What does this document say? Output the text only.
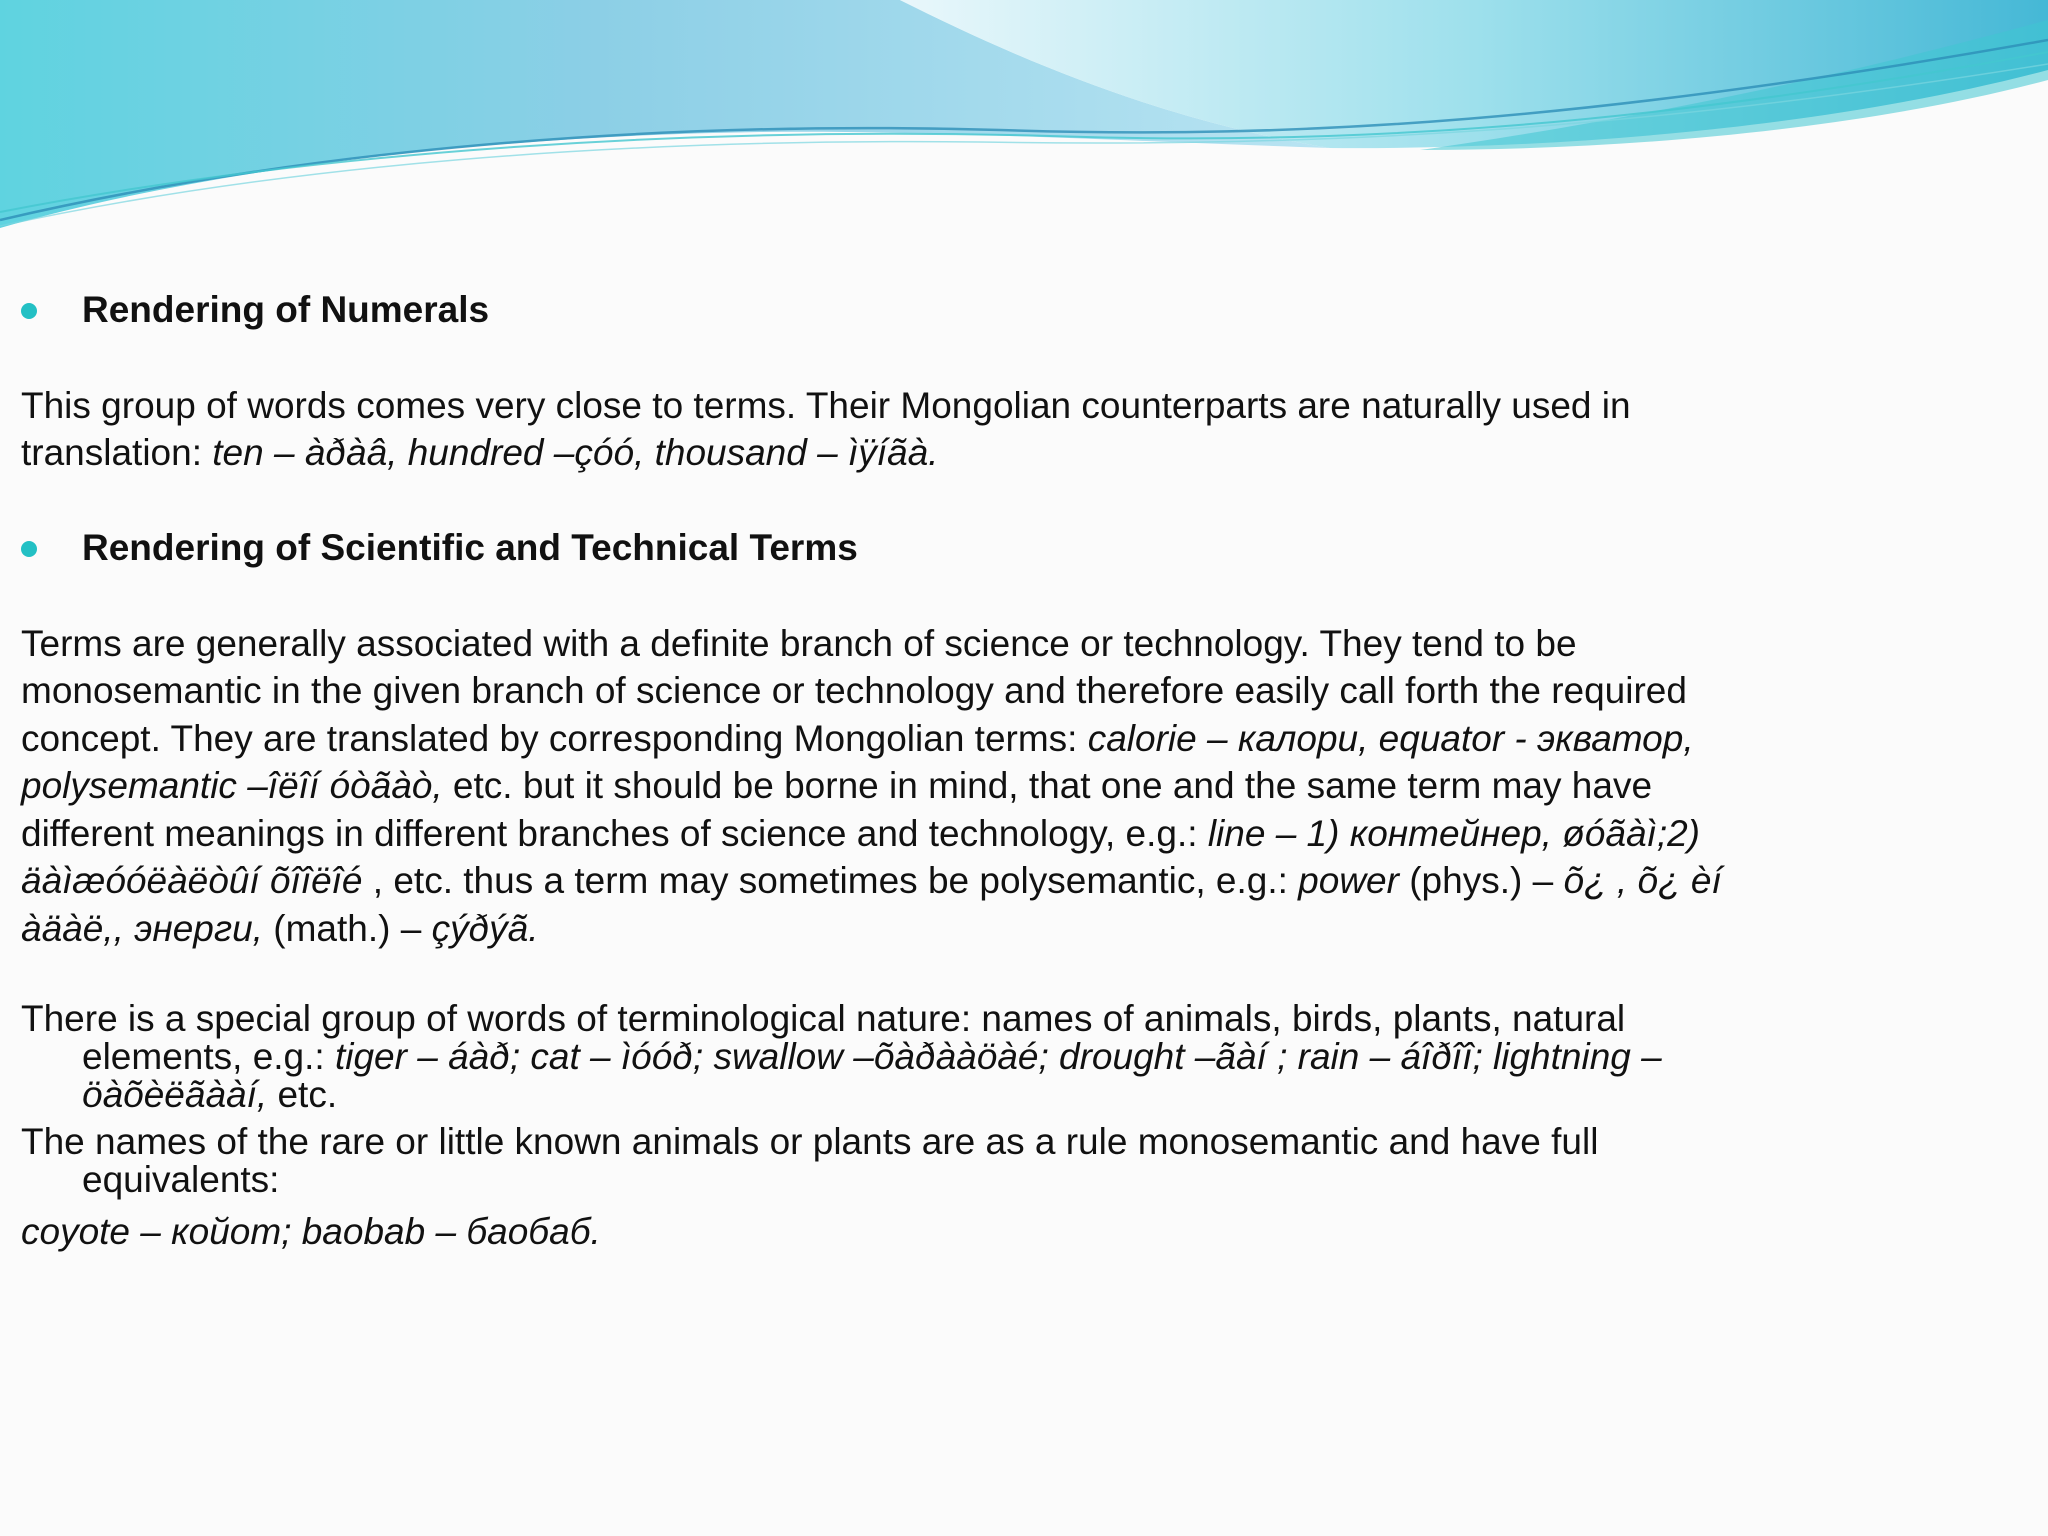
Rendering of Numerals

This group of words comes very close to terms. Their Mongolian counterparts are naturally used in translation: ten – àðàâ, hundred –çóó, thousand – ìÿíãà.

Rendering of Scientific and Technical Terms

Terms are generally associated with a definite branch of science or technology. They tend to be monosemantic in the given branch of science or technology and therefore easily call forth the required concept. They are translated by corresponding Mongolian terms: calorie – калори, equator - экватор, polysemantic –îëîí óòãàò, etc. but it should be borne in mind, that one and the same term may have different meanings in different branches of science and technology, e.g.: line – 1) контейнер, øóãàì;2) äàìæóóëàëòûí õîîëîé , etc. thus a term may sometimes be polysemantic, e.g.: power (phys.) – õ¿ , õ¿ èí àäàë,, энерги, (math.) – çýðýã.

There is a special group of words of terminological nature: names of animals, birds, plants, natural elements, e.g.: tiger – áàð; cat – ìóóð; swallow –õàðààöàé; drought –ãàí ; rain – áîðîî; lightning – öàõèëãààí, etc.

The names of the rare or little known animals or plants are as a rule monosemantic and have full equivalents:

coyote – койот; baobab – баобаб.
